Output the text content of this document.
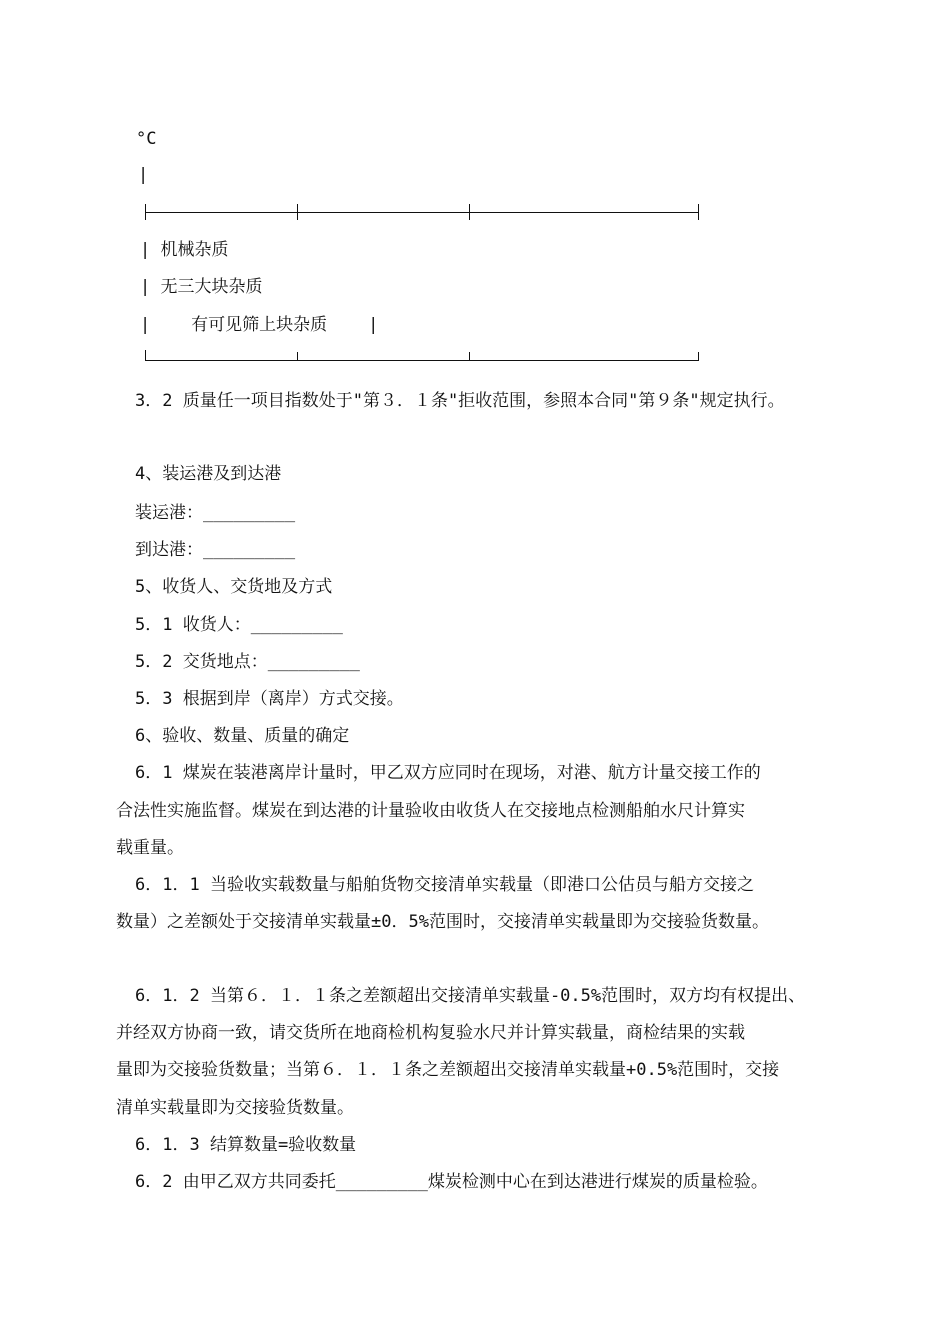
°C
|
| 机械杂质
| 无三大块杂质
|    有可见筛上块杂质    |
3．2 质量任一项目指数处于"第３．１条"拒收范围，参照本合同"第９条"规定执行。
4、装运港及到达港
装运港：_________
到达港：_________
5、收货人、交货地及方式
5．1 收货人：_________
5．2 交货地点：_________
5．3 根据到岸（离岸）方式交接。
6、验收、数量、质量的确定
6．1 煤炭在装港离岸计量时，甲乙双方应同时在现场，对港、航方计量交接工作的
合法性实施监督。煤炭在到达港的计量验收由收货人在交接地点检测船舶水尺计算实
载重量。
6．1．1 当验收实载数量与船舶货物交接清单实载量（即港口公估员与船方交接之
数量）之差额处于交接清单实载量±0．5%范围时，交接清单实载量即为交接验货数量。
6．1．2 当第６．１．１条之差额超出交接清单实载量-0.5%范围时，双方均有权提出、
并经双方协商一致，请交货所在地商检机构复验水尺并计算实载量，商检结果的实载
量即为交接验货数量；当第６．１．１条之差额超出交接清单实载量+0.5%范围时，交接
清单实载量即为交接验货数量。
6．1．3 结算数量=验收数量
6．2 由甲乙双方共同委托_________煤炭检测中心在到达港进行煤炭的质量检验。
